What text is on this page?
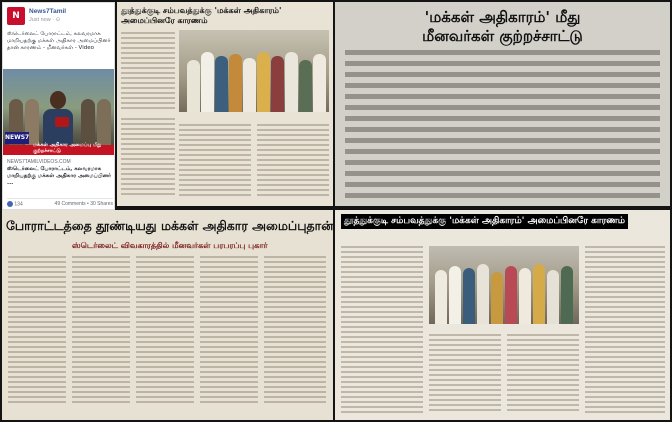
N	News7Tamil
Just now · ⊙
ஸ்டெர்லைட் போராட்டம், கலவரமாக மாறியதற்கு மக்கள் அதிகார அமைப்பினர் தான் காரணம் - மீனவர்கள் - Video
NEWS7
மக்கள் அதிகார அமைப்பு மீது குற்றச்சாட்டு
NEWS7TAMILVIDEOS.COM
ஸ்டெர்லைட் போராட்டம், கலவரமாக மாறியதற்கு மக்கள் அதிகார அமைப்பினர் ...
134	49 Comments • 30 Shares
தூத்துக்குடி சம்பவத்துக்கு 'மக்கள் அதிகாரம்' அமைப்பினரே காரணம்	'மக்கள் அதிகாரம்' மீது
மீனவர்கள் குற்றச்சாட்டு
போராட்டத்தை தூண்டியது மக்கள் அதிகார அமைப்புதான்
ஸ்டெர்லைட் விவகாரத்தில் மீனவர்கள் பரபரப்பு புகார்
தூத்துக்குடி சம்பவத்துக்கு 'மக்கள் அதிகாரம்' அமைப்பினரே காரணம்
